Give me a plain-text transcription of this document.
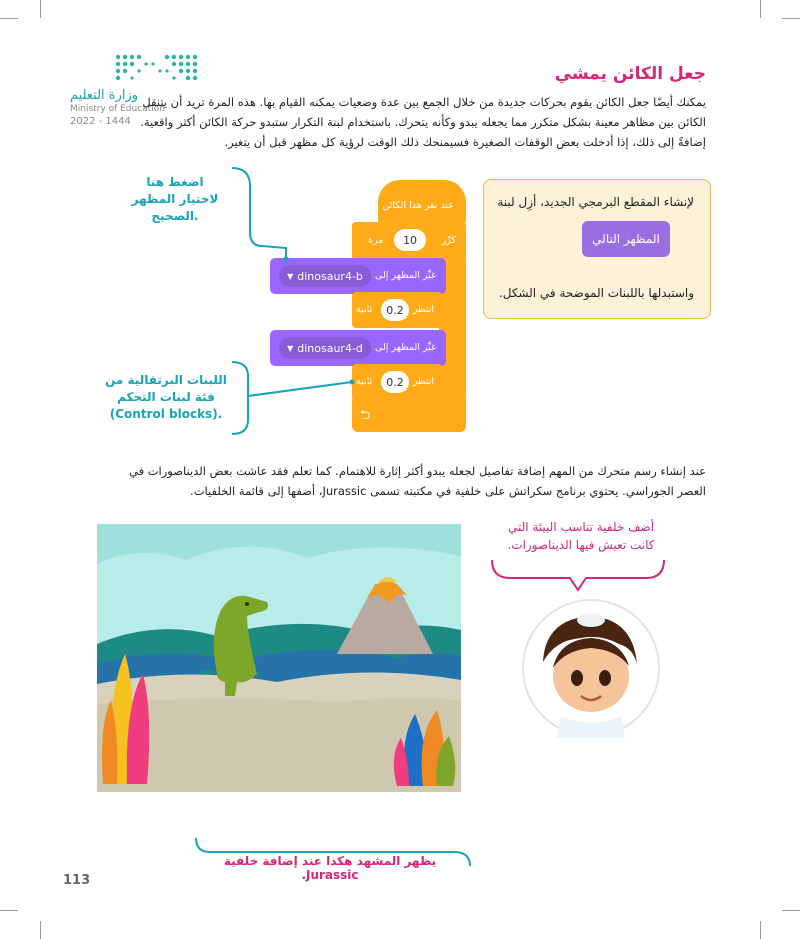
وزارة التعليم
Ministry of Education
2022 - 1444
جعل الكائن يمشي
يمكنك أيضًا جعل الكائن يقوم بحركات جديدة من خلال الجمع بين عدة وضعيات يمكنه القيام بها. هذه المرة تريد أن يتنقل
الكائن بين مظاهر معينة بشكل متكرر مما يجعله يبدو وكأنه يتحرك. باستخدام لبنة التكرار ستبدو حركة الكائن أكثر واقعية.
إضافةً إلى ذلك، إذا أدخلت بعض الوقفات الصغيرة فسيمنحك ذلك الوقت لرؤية كل مظهر قبل أن يتغير.
لإنشاء المقطع البرمجي الجديد، أزِل لبنة
واستبدلها باللبنات الموضحة في الشكل.
المظهر التالي
عند نقر هذا الكائن
كرِّر
مرة	10
⮌
غيِّر المظهر إلى
▼ dinosaur4-b
انتظر
ثانية	0.2
غيِّر المظهر إلى
▼ dinosaur4-d
انتظر
ثانية	0.2
اضغط هنا
لاختيار المظهر
الصحيح.
اللبنات البرتقالية من
فئة لبنات التحكم
(Control blocks).
عند إنشاء رسم متحرك من المهم إضافة تفاصيل لجعله يبدو أكثر إثارة للاهتمام. كما تعلم فقد عاشت بعض الديناصورات في
العصر الجوراسي. يحتوي برنامج سكراتش على خلفية في مكتبته تسمى Jurassic، أضفها إلى قائمة الخلفيات.
أضف خلفية تناسب البيئة التي
كانت تعيش فيها الديناصورات.
يظهر المشهد هكذا عند إضافة خلفية Jurassic.
113
